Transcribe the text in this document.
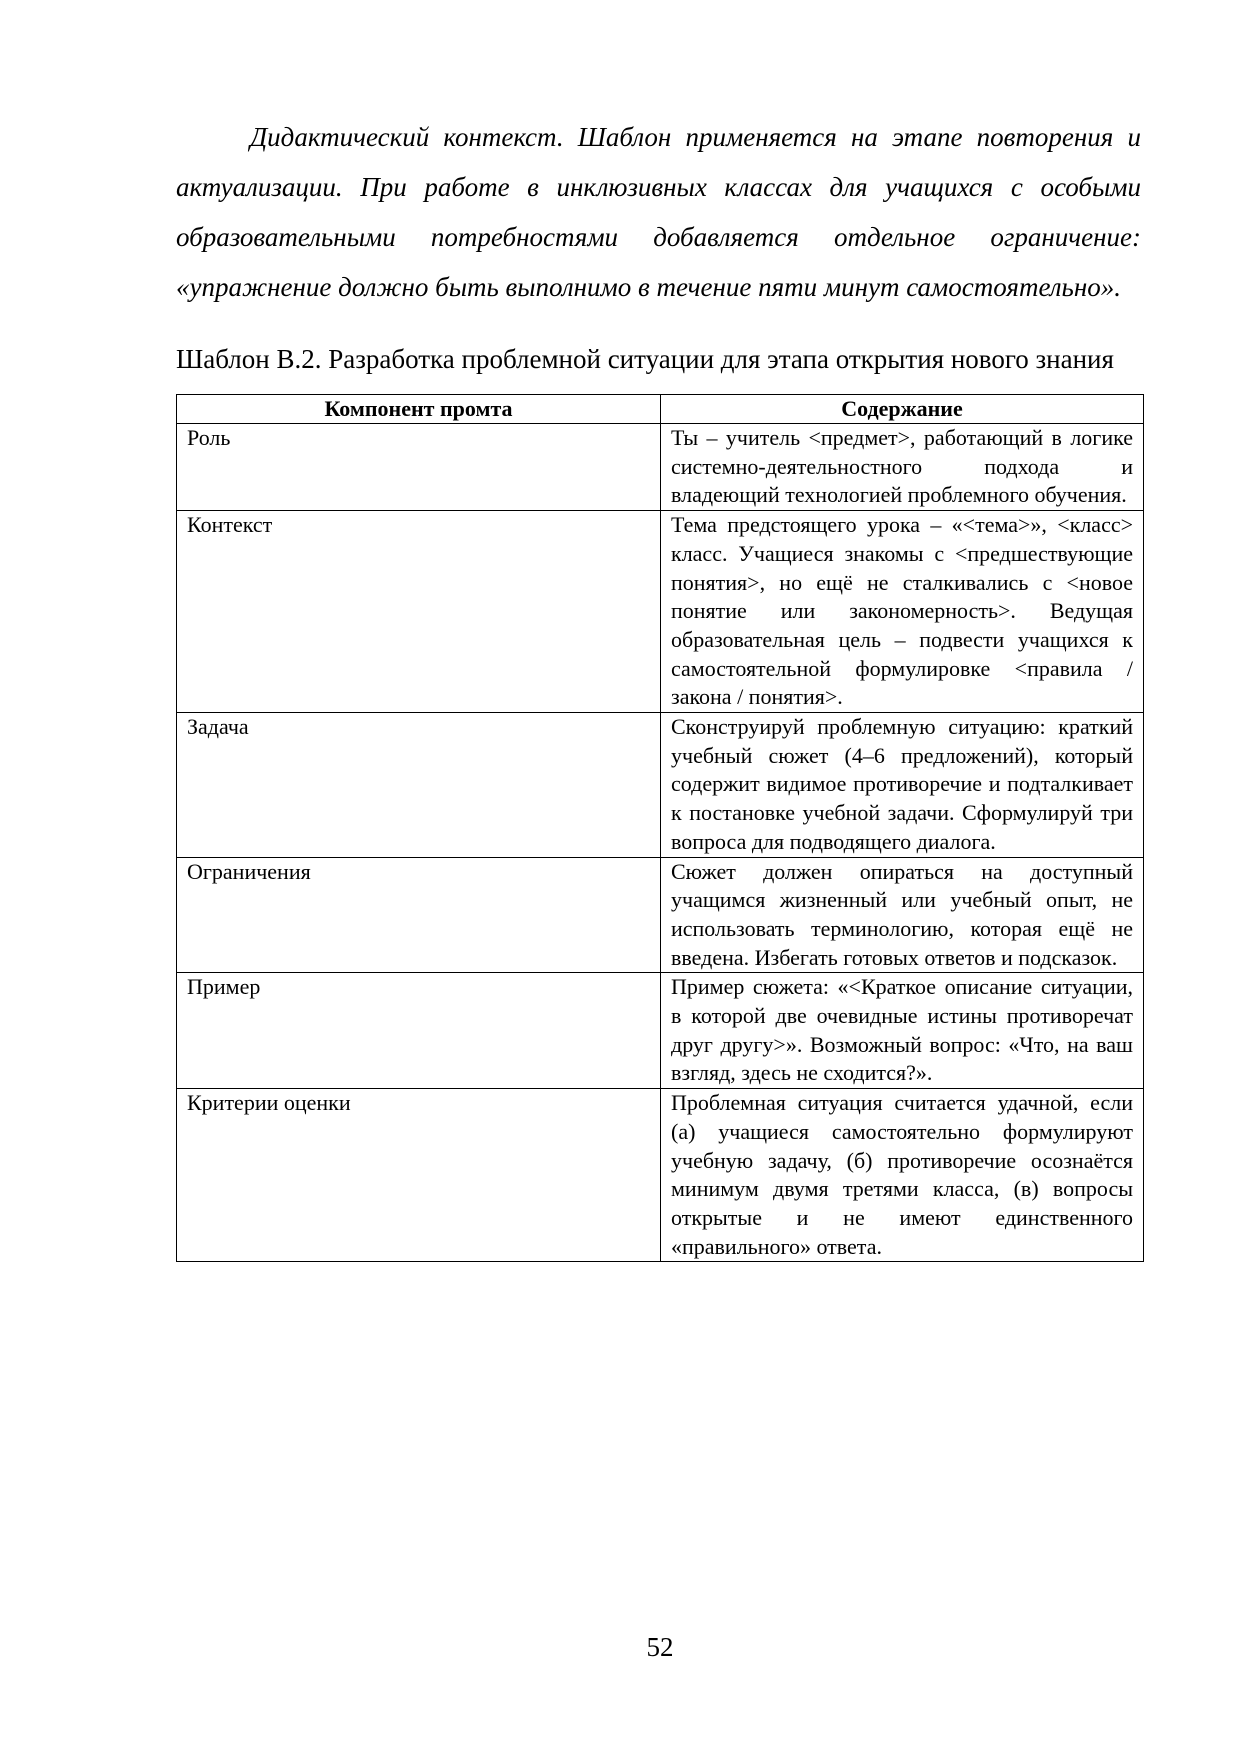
Дидактический контекст. Шаблон применяется на этапе повторения и актуализации. При работе в инклюзивных классах для учащихся с особыми образовательными потребностями добавляется отдельное ограничение: «упражнение должно быть выполнимо в течение пяти минут самостоятельно».

Шаблон В.2. Разработка проблемной ситуации для этапа открытия нового знания

Компонент промта	Содержание
Роль	Ты – учитель <предмет>, работающий в логике системно-деятельностного подхода и владеющий технологией проблемного обучения.
Контекст	Тема предстоящего урока – «<тема>», <класс> класс. Учащиеся знакомы с <предшествующие понятия>, но ещё не сталкивались с <новое понятие или закономерность>. Ведущая образовательная цель – подвести учащихся к самостоятельной формулировке <правила / закона / понятия>.
Задача	Сконструируй проблемную ситуацию: краткий учебный сюжет (4–6 предложений), который содержит видимое противоречие и подталкивает к постановке учебной задачи. Сформулируй три вопроса для подводящего диалога.
Ограничения	Сюжет должен опираться на доступный учащимся жизненный или учебный опыт, не использовать терминологию, которая ещё не введена. Избегать готовых ответов и подсказок.
Пример	Пример сюжета: «<Краткое описание ситуации, в которой две очевидные истины противоречат друг другу>». Возможный вопрос: «Что, на ваш взгляд, здесь не сходится?».
Критерии оценки	Проблемная ситуация считается удачной, если (а) учащиеся самостоятельно формулируют учебную задачу, (б) противоречие осознаётся минимум двумя третями класса, (в) вопросы открытые и не имеют единственного «правильного» ответа.
52
